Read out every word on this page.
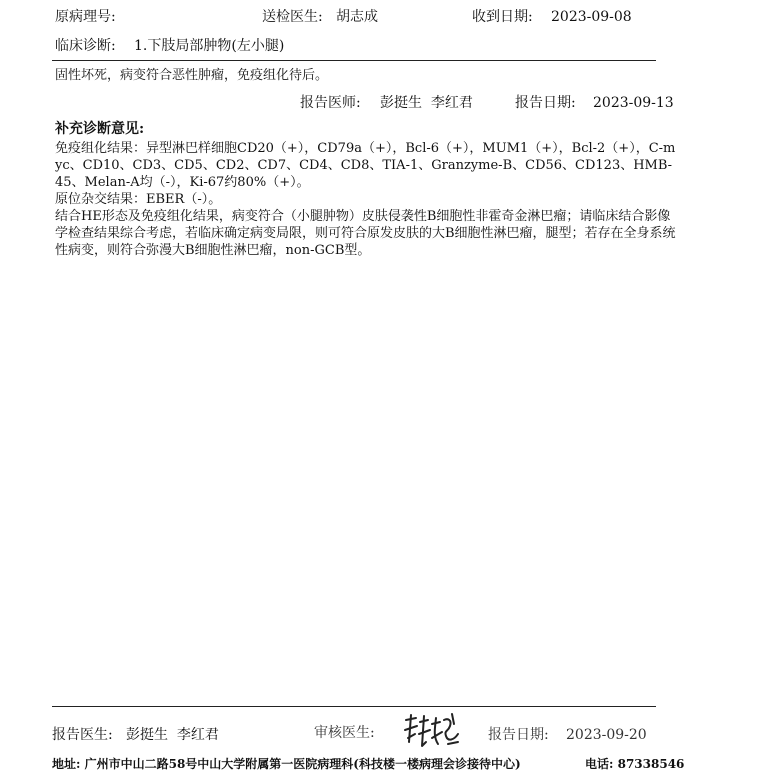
原病理号:	送检医生: 胡志成	收到日期: 2023-09-08
临床诊断: 1.下肢局部肿物(左小腿)
固性坏死，病变符合恶性肿瘤，免疫组化待后。
报告医师: 彭挺生  李红君	报告日期: 2023-09-13
补充诊断意见:

免疫组化结果：异型淋巴样细胞CD20（+），CD79a（+），Bcl-6（+），MUM1（+），Bcl-2（+），C-myc、CD10、CD3、CD5、CD2、CD7、CD4、CD8、TIA-1、Granzyme-B、CD56、CD123、HMB-45、Melan-A均（-），Ki-67约80%（+）。

原位杂交结果：EBER（-）。

结合HE形态及免疫组化结果，病变符合（小腿肿物）皮肤侵袭性B细胞性非霍奇金淋巴瘤；请临床结合影像学检查结果综合考虑，若临床确定病变局限，则可符合原发皮肤的大B细胞性淋巴瘤，腿型；若存在全身系统性病变，则符合弥漫大B细胞性淋巴瘤，non-GCB型。

报告医生: 彭挺生  李红君	审核医生:	报告日期: 2023-09-20
地址: 广州市中山二路58号中山大学附属第一医院病理科(科技楼一楼病理会诊接待中心)	电话: 87338546
